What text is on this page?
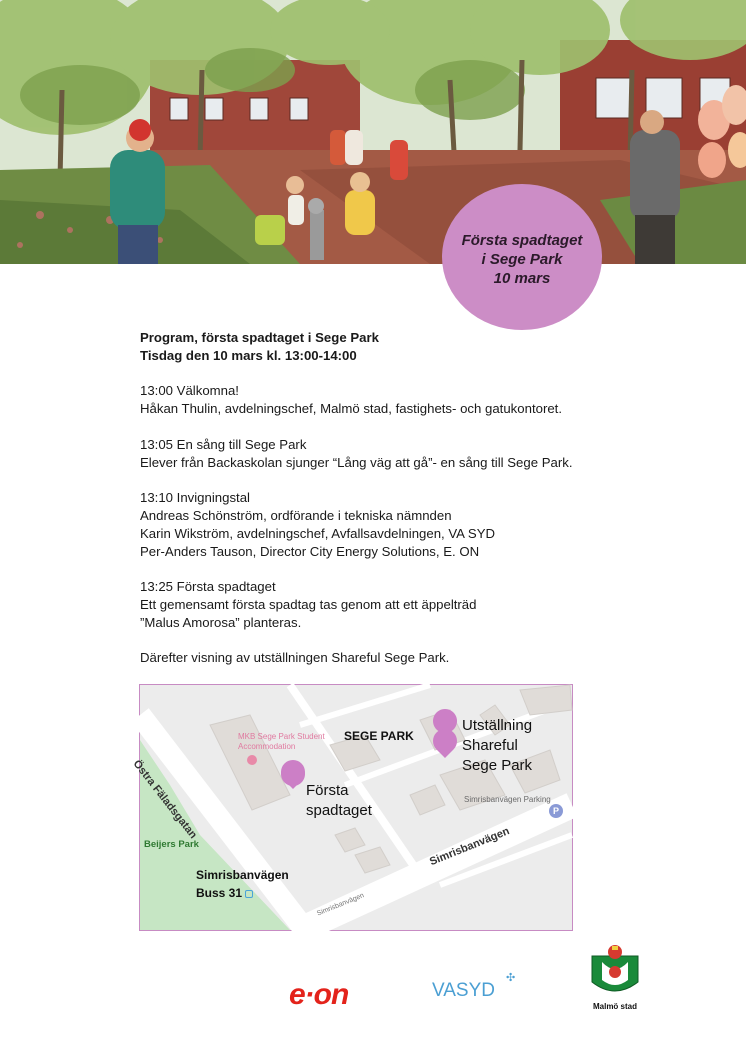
Första spadtaget
i Sege Park
10 mars

Program, första spadtaget i Sege Park
Tisdag den 10 mars kl. 13:00-14:00

13:00 Välkomna!
Håkan Thulin, avdelningschef, Malmö stad, fastighets- och gatukontoret.

13:05 En sång till Sege Park
Elever från Backaskolan sjunger “Lång väg att gå”- en sång till Sege Park.

13:10 Invigningstal
Andreas Schönström, ordförande i tekniska nämnden
Karin Wikström, avdelningschef, Avfallsavdelningen, VA SYD
Per-Anders Tauson, Director City Energy Solutions, E. ON

13:25 Första spadtaget
Ett gemensamt första spadtag tas genom att ett äppelträd
”Malus Amorosa” planteras.

Därefter visning av utställningen Shareful Sege Park.

P
MKB Sege Park Student
Accommodation
SEGE PARK
Utställning
Shareful
Sege Park
Första
spadtaget
Östra Fäladsgatan	Simrisbanvägen Parking
Beijers Park	Simrisbanvägen
Simrisbanvägen
Simrisbanvägen
Buss 31
e·on	VASYD
✣
Malmö stad
